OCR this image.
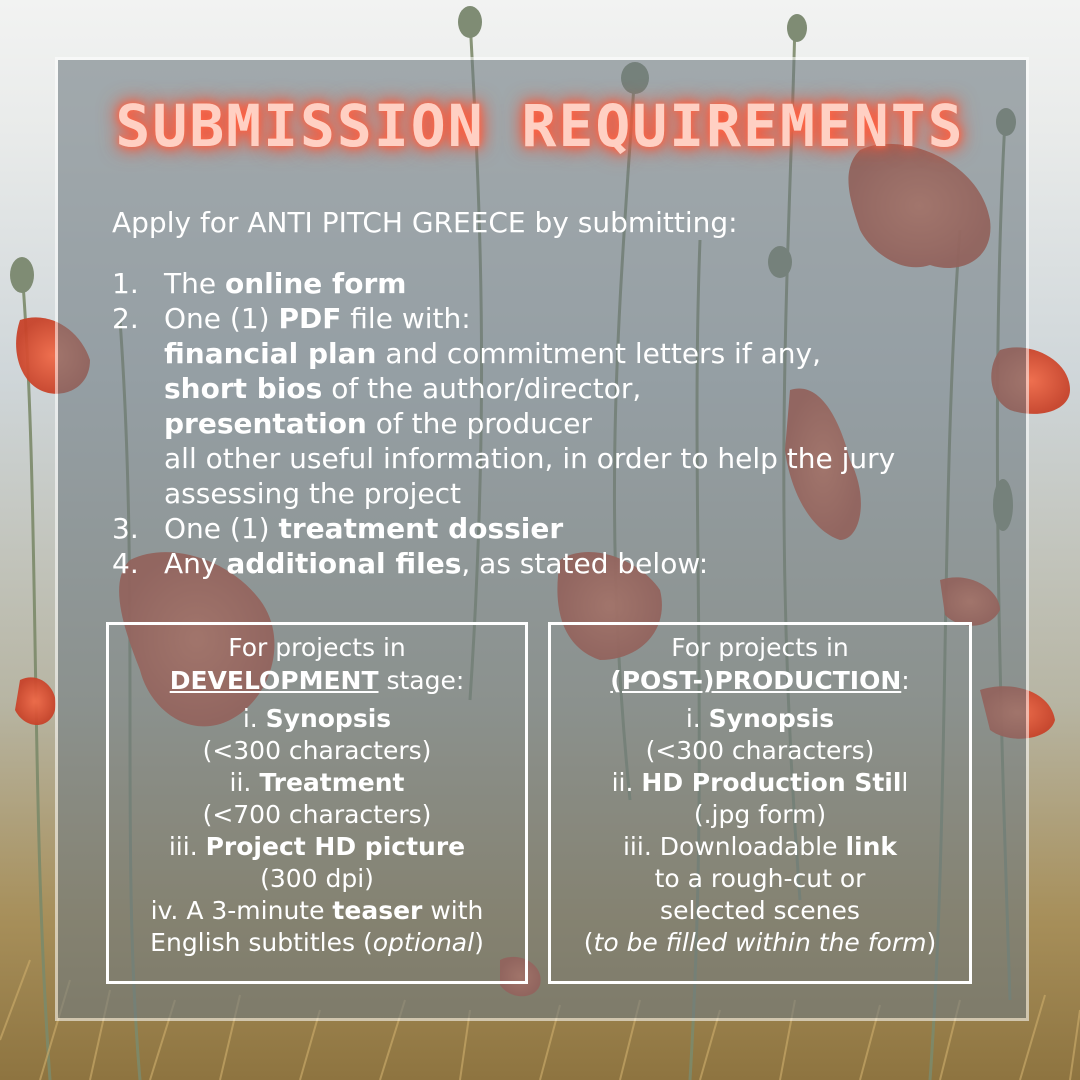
SUBMISSION REQUIREMENTS
Apply for ANTI PITCH GREECE by submitting:
1. The online form
2. One (1) PDF file with:
financial plan and commitment letters if any,
short bios of the author/director,
presentation of the producer
all other useful information, in order to help the jury assessing the project
3. One (1) treatment dossier
4. Any additional files, as stated below:
For projects in
DEVELOPMENT stage:
i. Synopsis
(<300 characters)
ii. Treatment
(<700 characters)
iii. Project HD picture
(300 dpi)
iv. A 3-minute teaser with
English subtitles (optional)
For projects in
(POST-)PRODUCTION:
i. Synopsis
(<300 characters)
ii. HD Production Still
(.jpg form)
iii. Downloadable link
to a rough-cut or
selected scenes
(to be filled within the form)
